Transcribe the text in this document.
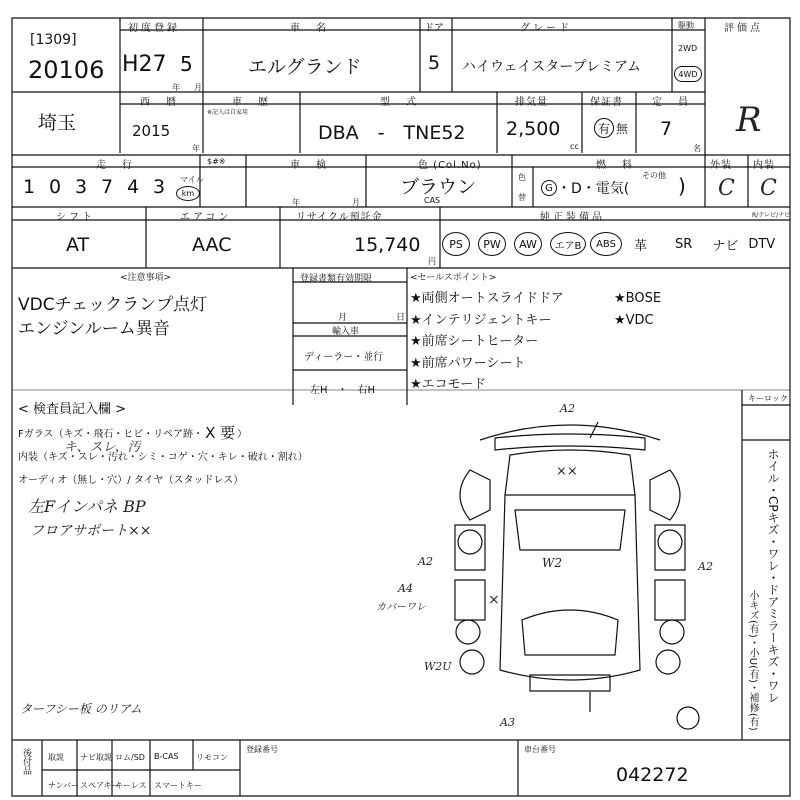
20106
[1309]
初度登録
H27 5
年 月
車　名
エルグランド
ドア
5
グレード
ハイウェイスタープレミアム
駆動
2WD
4WD
評価点
R
埼玉
西　暦
2015
年
車　歴
※記入は自家用
型　式
DBA　-　TNE52
排気量
2,500
cc
保証書
有 無
定　員
7
名
走　行
1 0 3 7 4 3	マイル
km
$#※	車　検
年	月
色 (Col.No)
ブラウン
CAS
色
替
燃　料
G ・D・電気(
その他 )
外装
C
内装
C
シフト
AT
エアコン
AAC
リサイクル預託金
15,740
円
純正装備品	R/テレビ/ナビ
PS	PW	AW	エアB	ABS	革 SR ナビ DTV
<注意事項>
VDCチェックランプ点灯
エンジンルーム異音
登録書類有効期限
月	日
輸入車
ディーラー・並行
左H　・　右H
<セールスポイント>
★両側オートスライドドア
★インテリジェントキー
★前席シートヒーター
★前席パワーシート
★エコモード
★BOSE
★VDC
< 検査員記入欄 >
Fガラス（キズ・飛石・ヒビ・リペア跡・ X 要 ）
内装（キズ・スレ・汚れ・シミ・コゲ・穴・キレ・破れ・割れ）
キ、スレ、汚
オーディオ（無し・穴）/ タイヤ（スタッドレス）
左Fインパネ BP
フロアサポート××
ターフシー板 のリアム
A2
××
A2	W2	A2
A4
カバーワレ	×
W2U
A3
キーロック
ホイル・CPキズ・ワレ・ドアミラーキズ・ワレ
小キズ(有)・小U(有)・補修(有)
後付品 取説 ナビ取説 ロム/SD B-CAS リモコン
ナンバー スペアキー
キーレス スマートキー
登録番号	車台番号
042272
